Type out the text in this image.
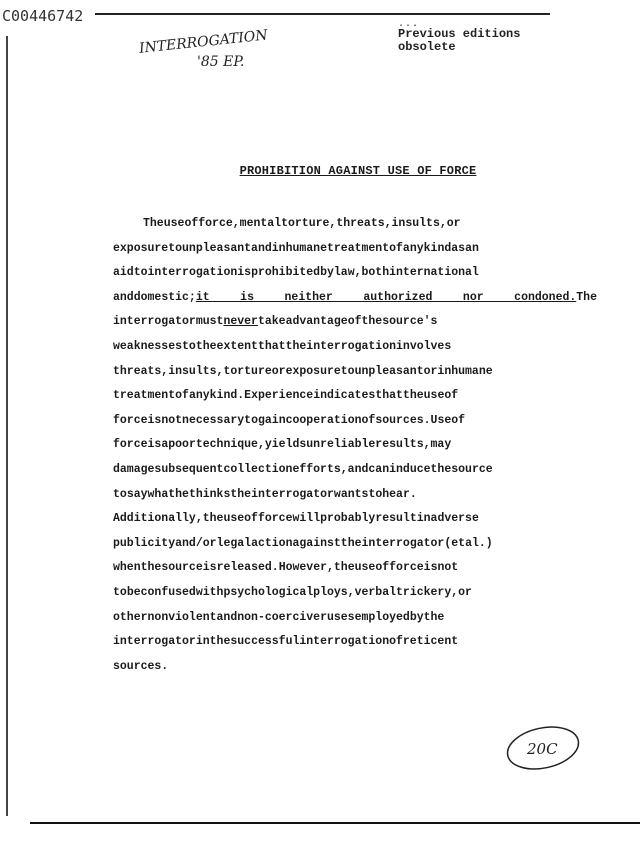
C00446742	...
Previous editions
obsolete
INTERROGATION
'85 EP.
PROHIBITION AGAINST USE OF FORCE
Theuseofforce,mentaltorture,threats,insults,or
exposuretounpleasantandinhumanetreatmentofanykindasan
aidtointerrogationisprohibitedbylaw,bothinternational
anddomestic;it is neither authorized nor condoned.The
interrogatormustnevertakeadvantageofthesource's
weaknessestotheextentthattheinterrogationinvolves
threats,insults,tortureorexposuretounpleasantorinhumane
treatmentofanykind.Experienceindicatesthattheuseof
forceisnotnecessarytogaincooperationofsources.Useof
forceisapoortechnique,yieldsunreliableresults,may
damagesubsequentcollectionefforts,andcaninducethesource
tosaywhathethinkstheinterrogatorwantstohear.
Additionally,theuseofforcewillprobablyresultinadverse
publicityand/orlegalactionagainsttheinterrogator(etal.)
whenthesourceisreleased.However,theuseofforceisnot
tobeconfusedwithpsychologicalploys,verbaltrickery,or
othernonviolentandnon-coerciverusesemployedbythe
interrogatorinthesuccessfulinterrogationofreticent
sources.
20C
